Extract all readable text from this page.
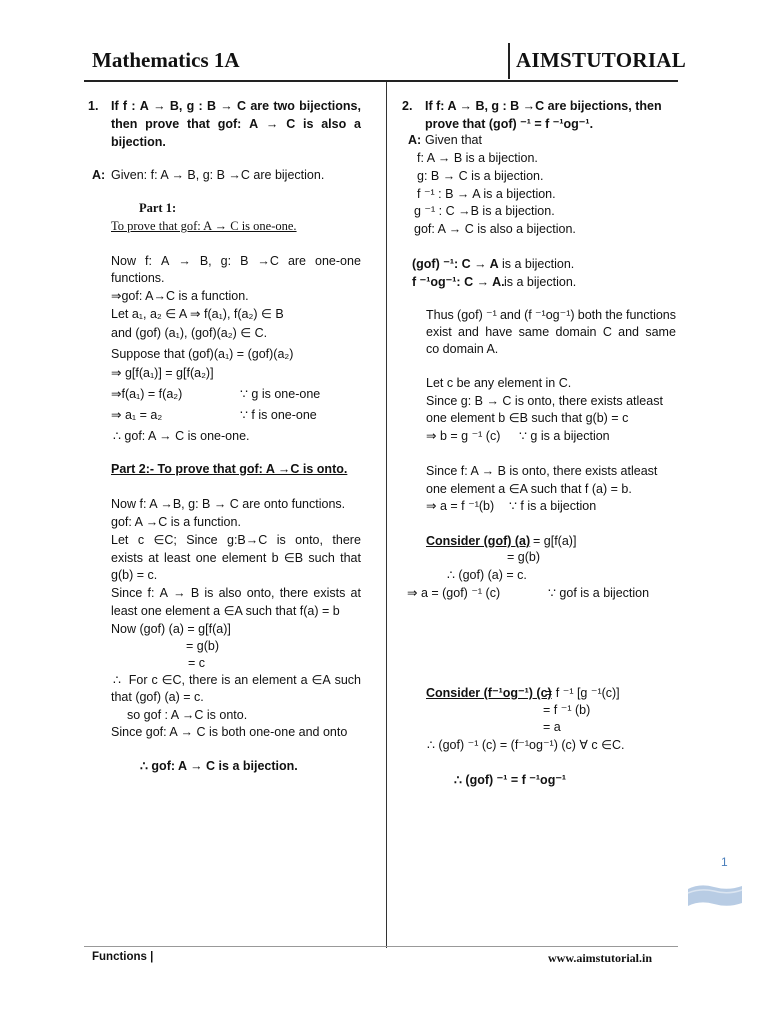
Mathematics 1A	AIMSTUTORIAL
1. If f : A → B, g : B → C are two bijections,
then prove that gof: A → C is also a
bijection.
A: Given: f: A → B, g: B →C are bijection.
Part 1:
To prove that gof: A → C is one-one.
Now f: A → B, g: B →C are one-one
functions.
⇒gof: A→C is a function.
Let a₁, a₂ ∈ A ⇒ f(a₁), f(a₂) ∈ B
and (gof) (a₁), (gof)(a₂) ∈ C.
Suppose that (gof)(a₁) = (gof)(a₂)
⇒ g[f(a₁)] = g[f(a₂)]
⇒f(a₁) = f(a₂)	∵ g is one-one
⇒ a₁ = a₂	∵ f is one-one
∴ gof: A → C is one-one.
Part 2:- To prove that gof: A →C is onto.
Now f: A →B, g: B → C are onto functions.
gof: A →C is a function.
Let c ∈C; Since g:B→C is onto, there
exists at least one element b ∈B such that
g(b) = c.
Since f: A → B is also onto, there exists at
least one element a ∈A such that f(a) = b
Now (gof) (a) = g[f(a)]
= g(b)
= c
∴ For c ∈C, there is an element a ∈A such
that (gof) (a) = c.
so gof : A →C is onto.
Since gof: A → C is both one-one and onto
∴ gof: A → C is a bijection.
2. If f: A → B, g : B →C are bijections, then
prove that (gof) ⁻¹ = f ⁻¹og⁻¹.
A: Given that
f: A → B is a bijection.
g: B → C is a bijection.
f ⁻¹ : B → A is a bijection.
g ⁻¹ : C →B is a bijection.
gof: A → C is also a bijection.
(gof) ⁻¹: C → A is a bijection.
f ⁻¹og⁻¹: C → A. is a bijection.
Thus (gof) ⁻¹ and (f ⁻¹og⁻¹) both the functions
exist and have same domain C and same
co domain A.
Let c be any element in C.
Since g: B → C is onto, there exists atleast
one element b ∈B such that g(b) = c
⇒ b = g ⁻¹ (c) ∵ g is a bijection
Since f: A → B is onto, there exists atleast
one element a ∈A such that f (a) = b.
⇒ a = f ⁻¹(b) ∵ f is a bijection
Consider (gof) (a) = g[f(a)]
= g(b)
∴ (gof) (a) = c.
⇒ a = (gof) ⁻¹ (c)	∵ gof is a bijection
Consider (f⁻¹og⁻¹) (c)
= f ⁻¹ [g ⁻¹(c)]
= f ⁻¹ (b)
= a
∴ (gof) ⁻¹ (c) = (f⁻¹og⁻¹) (c) ∀ c ∈C.
∴ (gof) ⁻¹ = f ⁻¹og⁻¹
1
Functions |	www.aimstutorial.in
